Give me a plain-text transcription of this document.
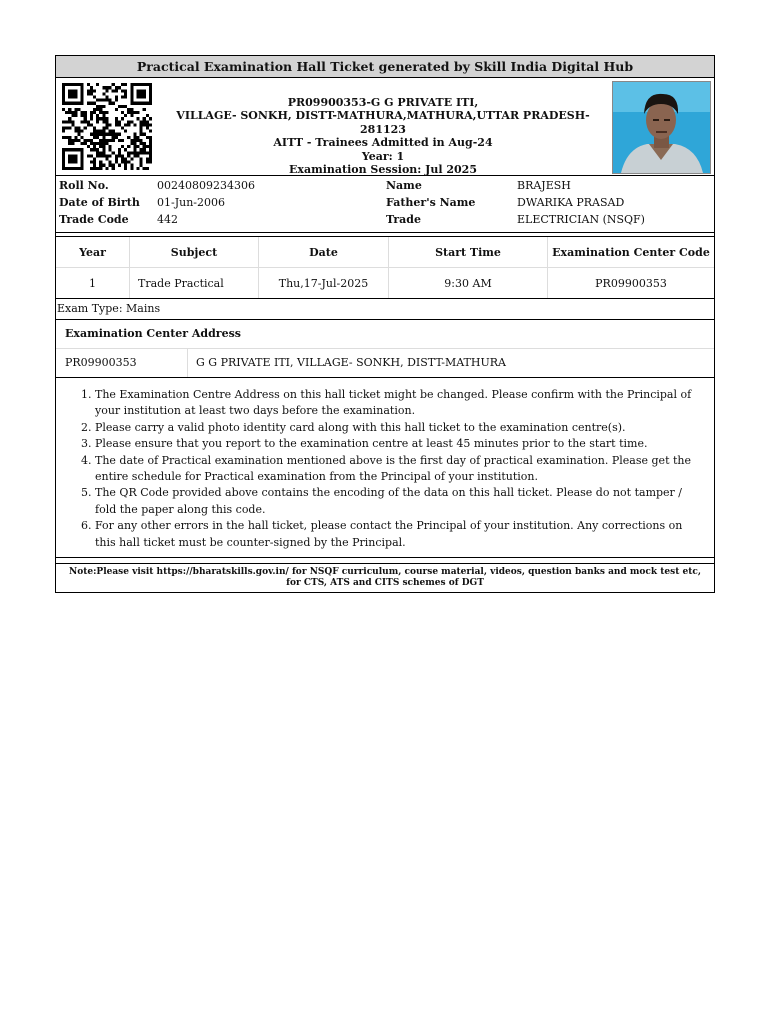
Practical Examination Hall Ticket generated by Skill India Digital Hub
PR09900353-G G PRIVATE ITI,
VILLAGE- SONKH, DISTT-MATHURA,MATHURA,UTTAR PRADESH-281123
AITT - Trainees Admitted in Aug-24
Year: 1
Examination Session: Jul 2025
Roll No.	00240809234306
Date of Birth 01-Jun-2006
Trade Code	442
Name	BRAJESH
Father's Name	DWARIKA PRASAD
Trade	ELECTRICIAN (NSQF)
Year	Subject	Date	Start Time	Examination Center Code
1	Trade Practical	Thu,17-Jul-2025	9:30 AM	PR09900353
Exam Type: Mains
Examination Center Address
PR09900353	G G PRIVATE ITI, VILLAGE- SONKH, DISTT-MATHURA
1. The Examination Centre Address on this hall ticket might be changed. Please confirm with the Principal of your institution at least two days before the examination.
2. Please carry a valid photo identity card along with this hall ticket to the examination centre(s).
3. Please ensure that you report to the examination centre at least 45 minutes prior to the start time.
4. The date of Practical examination mentioned above is the first day of practical examination. Please get the entire schedule for Practical examination from the Principal of your institution.
5. The QR Code provided above contains the encoding of the data on this hall ticket. Please do not tamper / fold the paper along this code.
6. For any other errors in the hall ticket, please contact the Principal of your institution. Any corrections on this hall ticket must be counter-signed by the Principal.
Note:Please visit https://bharatskills.gov.in/ for NSQF curriculum, course material, videos, question banks and mock test etc, for CTS, ATS and CITS schemes of DGT
